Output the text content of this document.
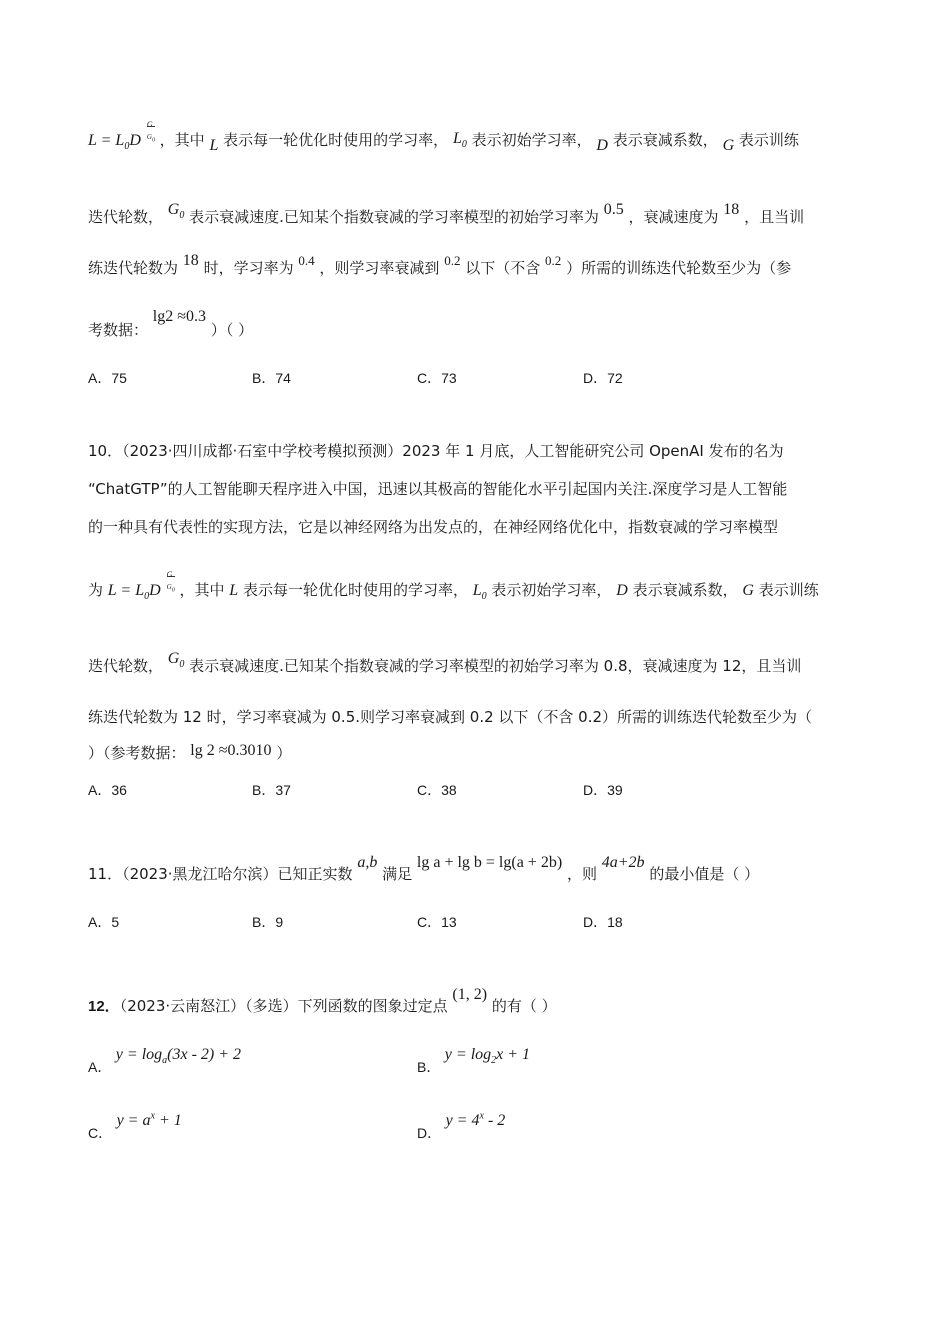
$L = L_0D$
G
$G_0$ ，其中 L 表示每一轮优化时使用的学习率， $L_0$ 表示初始学习率， D 表示衰减系数， G 表示训练
迭代轮数， $G_0$ 表示衰减速度.已知某个指数衰减的学习率模型的初始学习率为 0.5 ，衰减速度为 18 ，且当训
练迭代轮数为 18 时，学习率为 0.4 ，则学习率衰减到 0.2 以下（不含 0.2 ）所需的训练迭代轮数至少为（参
考数据： lg2 ≈0.3 ）（ ）
A．75	B．74	C．73	D．72
10．（2023·四川成都·石室中学校考模拟预测）2023 年 1 月底，人工智能研究公司 OpenAI 发布的名为
“ChatGTP”的人工智能聊天程序进入中国，迅速以其极高的智能化水平引起国内关注.深度学习是人工智能
的一种具有代表性的实现方法，它是以神经网络为出发点的，在神经网络优化中，指数衰减的学习率模型
为 $L = L_0D$
G
$G_0$ ，其中 L 表示每一轮优化时使用的学习率， $L_0$ 表示初始学习率， D 表示衰减系数， G 表示训练
迭代轮数， $G_0$ 表示衰减速度.已知某个指数衰减的学习率模型的初始学习率为 0.8，衰减速度为 12，且当训
练迭代轮数为 12 时，学习率衰减为 0.5.则学习率衰减到 0.2 以下（不含 0.2）所需的训练迭代轮数至少为（
）（参考数据： lg 2 ≈0.3010 ）
A．36	B．37	C．38	D．39
11．（2023·黑龙江哈尔滨）已知正实数 a,b 满足 lg a + lg b = lg(a + 2b) ，则 4a+2b 的最小值是（ ）
A．5	B．9	C．13	D．18
12．（2023·云南怒江）（多选）下列函数的图象过定点 (1, 2) 的有（ ）
A． $y = \log_a(3x - 2) + 2$
B． $y = \log_2x + 1$
C． $y = a^x + 1$
D． $y = 4^x - 2$
